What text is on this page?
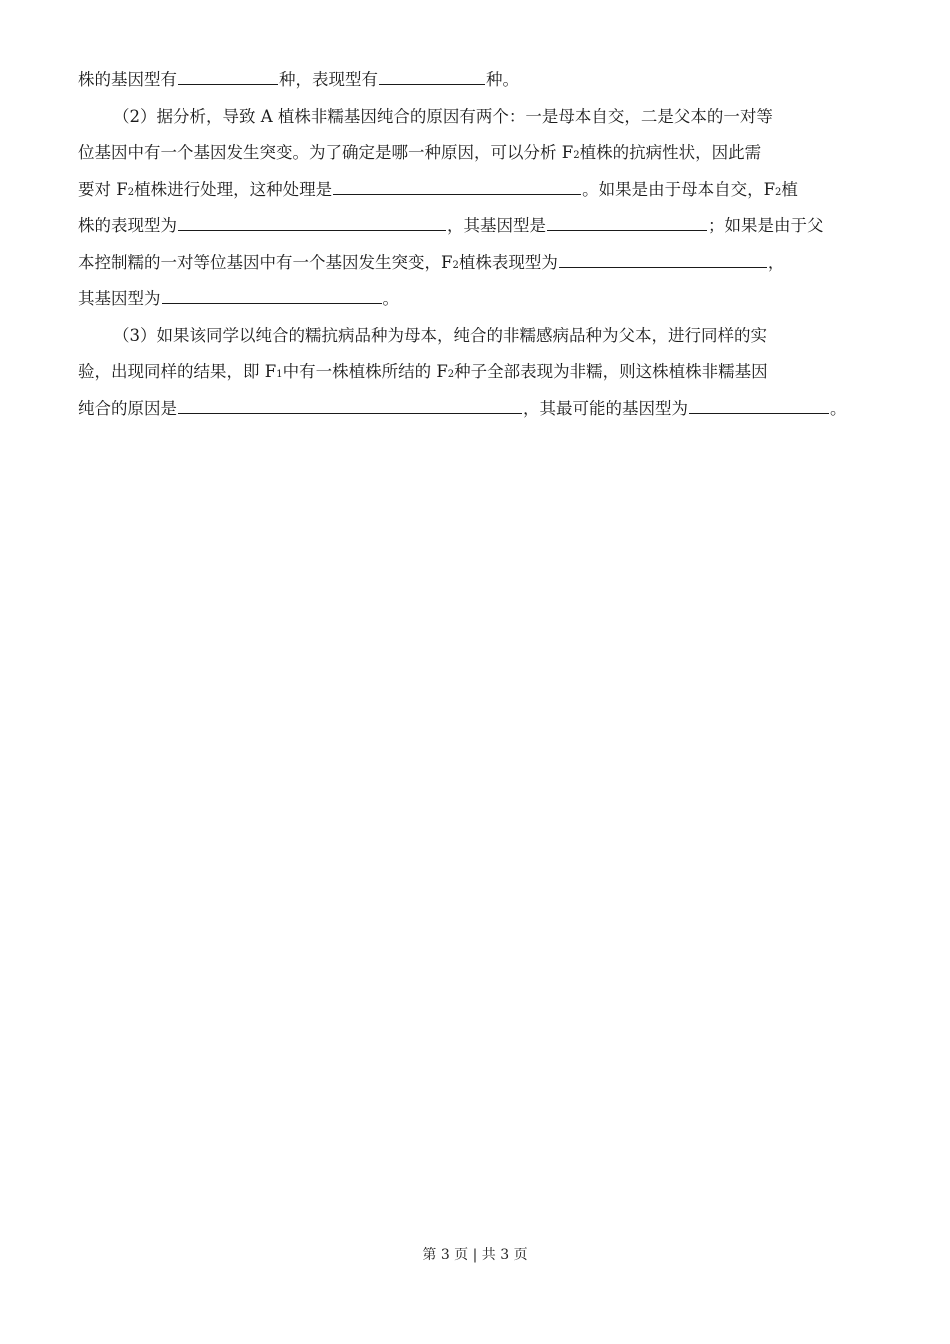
株的基因型有	种，表现型有	种。
（2）据分析，导致 A 植株非糯基因纯合的原因有两个：一是母本自交，二是父本的一对等
位基因中有一个基因发生突变。为了确定是哪一种原因，可以分析 F 2 植株的抗病性状，因此需
要对 F 2 植株进行处理，这种处理是	。如果是由于母本自交，F 2 植
株的表现型为	，其基因型是	；如果是由于父
本控制糯的一对等位基因中有一个基因发生突变，F 2 植株表现型为	，
其基因型为	。
（3）如果该同学以纯合的糯抗病品种为母本，纯合的非糯感病品种为父本，进行同样的实
验，出现同样的结果，即 F 1 中有一株植株所结的 F 2 种子全部表现为非糯，则这株植株非糯基因
纯合的原因是	，其最可能的基因型为	。
第 3 页 | 共 3 页
